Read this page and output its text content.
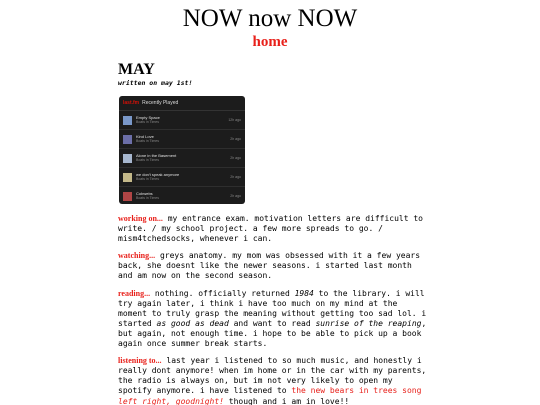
NOW now NOW
home
MAY

written on may 1st!

last.fm Recently Played
Empty Space
Boats in Times	12h ago
Kind Love
Boats in Times	2h ago
Alone in the Basement
Boats in Times	2h ago
we don't speak anymore
Boats in Times	2h ago
Cobwebs
Boats in Times	2h ago

working on... my entrance exam. motivation letters are difficult to write. / my school project. a few more spreads to go. / mism4tchedsocks, whenever i can.

watching... greys anatomy. my mom was obsessed with it a few years back, she doesnt like the newer seasons. i started last month and am now on the second season.

reading... nothing. officially returned 1984 to the library. i will try again later, i think i have too much on my mind at the moment to truly grasp the meaning without getting too sad lol. i started as good as dead and want to read sunrise of the reaping, but again, not enough time. i hope to be able to pick up a book again once summer break starts.

listening to... last year i listened to so much music, and honestly i really dont anymore! when im home or in the car with my parents, the radio is always on, but im not very likely to open my spotify anymore. i have listened to the new bears in trees song left right, goodnight! though and i am in love!!
